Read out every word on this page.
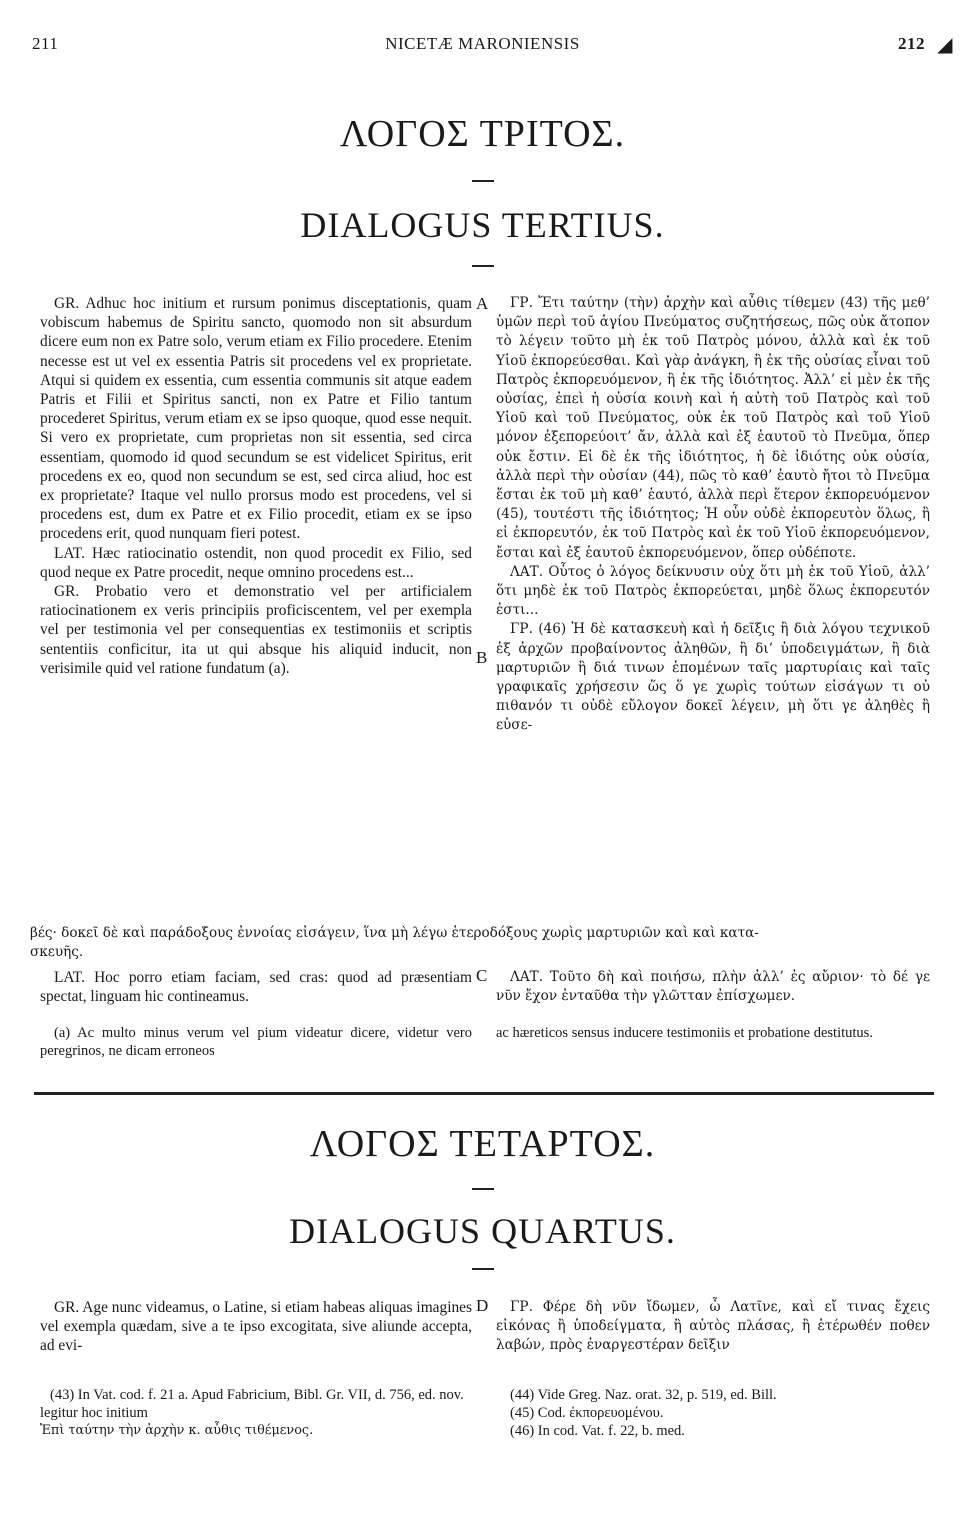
211	NICETÆ MARONIENSIS	212 ◢
ΛΟΓΟΣ ΤΡΙΤΟΣ.
DIALOGUS TERTIUS.

GR. Adhuc hoc initium et rursum ponimus disceptationis, quam vobiscum habemus de Spiritu sancto, quomodo non sit absurdum dicere eum non ex Patre solo, verum etiam ex Filio procedere. Etenim necesse est ut vel ex essentia Patris sit procedens vel ex proprietate. Atqui si quidem ex essentia, cum essentia communis sit atque eadem Patris et Filii et Spiritus sancti, non ex Patre et Filio tantum procederet Spiritus, verum etiam ex se ipso quoque, quod esse nequit. Si vero ex proprietate, cum proprietas non sit essentia, sed circa essentiam, quomodo id quod secundum se est videlicet Spiritus, erit procedens ex eo, quod non secundum se est, sed circa aliud, hoc est ex proprietate? Itaque vel nullo prorsus modo est procedens, vel si procedens est, dum ex Patre et ex Filio procedit, etiam ex se ipso procedens erit, quod nunquam fieri potest.

LAT. Hæc ratiocinatio ostendit, non quod procedit ex Filio, sed quod neque ex Patre procedit, neque omnino procedens est...

GR. Probatio vero et demonstratio vel per artificialem ratiocinationem ex veris principiis proficiscentem, vel per exempla vel per testimonia vel per consequentias ex testimoniis et scriptis sententiis conficitur, ita ut qui absque his aliquid inducit, non verisimile quid vel ratione fundatum (a).

ΓΡ. Ἔτι ταύτην (τὴν) ἀρχὴν καὶ αὖθις τίθεμεν (43) τῆς μεθ’ ὑμῶν περὶ τοῦ ἁγίου Πνεύματος συζητήσεως, πῶς οὐκ ἄτοπον τὸ λέγειν τοῦτο μὴ ἐκ τοῦ Πατρὸς μόνου, ἀλλὰ καὶ ἐκ τοῦ Υἱοῦ ἐκπορεύεσθαι. Καὶ γὰρ ἀνάγκη, ἢ ἐκ τῆς οὐσίας εἶναι τοῦ Πατρὸς ἐκπορευόμενον, ἢ ἐκ τῆς ἰδιότητος. Ἀλλ’ εἰ μὲν ἐκ τῆς οὐσίας, ἐπεὶ ἡ οὐσία κοινὴ καὶ ἡ αὐτὴ τοῦ Πατρὸς καὶ τοῦ Υἱοῦ καὶ τοῦ Πνεύματος, οὐκ ἐκ τοῦ Πατρὸς καὶ τοῦ Υἱοῦ μόνον ἐξεπορεύοιτ’ ἄν, ἀλλὰ καὶ ἐξ ἑαυτοῦ τὸ Πνεῦμα, ὅπερ οὐκ ἔστιν. Εἰ δὲ ἐκ τῆς ἰδιότητος, ἡ δὲ ἰδιότης οὐκ οὐσία, ἀλλὰ περὶ τὴν οὐσίαν (44), πῶς τὸ καθ’ ἑαυτὸ ἤτοι τὸ Πνεῦμα ἔσται ἐκ τοῦ μὴ καθ’ ἑαυτό, ἀλλὰ περὶ ἕτερον ἐκπορευόμενον (45), τουτέστι τῆς ἰδιότητος; Ἡ οὖν οὐδὲ ἐκπορευτὸν ὅλως, ἢ εἰ ἐκπορευτόν, ἐκ τοῦ Πατρὸς καὶ ἐκ τοῦ Υἱοῦ ἐκπορευόμενον, ἔσται καὶ ἐξ ἑαυτοῦ ἐκπορευόμενον, ὅπερ οὐδέποτε.

ΛΑΤ. Οὗτος ὁ λόγος δείκνυσιν οὐχ ὅτι μὴ ἐκ τοῦ Υἱοῦ, ἀλλ’ ὅτι μηδὲ ἐκ τοῦ Πατρὸς ἐκπορεύεται, μηδὲ ὅλως ἐκπορευτόν ἐστι...

ΓΡ. (46) Ἡ δὲ κατασκευὴ καὶ ἡ δεῖξις ἢ διὰ λόγου τεχνικοῦ ἐξ ἀρχῶν προβαίνοντος ἀληθῶν, ἢ δι’ ὑποδειγμάτων, ἢ διὰ μαρτυριῶν ἢ διά τινων ἑπομένων ταῖς μαρτυρίαις καὶ ταῖς γραφικαῖς χρήσεσιν ὥς ὅ γε χωρὶς τούτων εἰσάγων τι οὐ πιθανόν τι οὐδὲ εὔλογον δοκεῖ λέγειν, μὴ ὅτι γε ἀληθὲς ἢ εὐσε-

A
B
βές· δοκεῖ δὲ καὶ παράδοξους ἐννοίας εἰσάγειν, ἵνα μὴ λέγω ἑτεροδόξους χωρὶς μαρτυριῶν καὶ καὶ κατα-
σκευῆς.

LAT. Hoc porro etiam faciam, sed cras: quod ad præsentiam spectat, linguam hic contineamus.

ΛΑΤ. Τοῦτο δὴ καὶ ποιήσω, πλὴν ἀλλ’ ἐς αὔριον· τὸ δέ γε νῦν ἔχον ἐνταῦθα τὴν γλῶτταν ἐπίσχωμεν.

C

(a) Ac multo minus verum vel pium videatur dicere, videtur vero peregrinos, ne dicam erroneos

ac hæreticos sensus inducere testimoniis et probatione destitutus.

ΛΟΓΟΣ ΤΕΤΑΡΤΟΣ.
DIALOGUS QUARTUS.

GR. Age nunc videamus, o Latine, si etiam habeas aliquas imagines vel exempla quædam, sive a te ipso excogitata, sive aliunde accepta, ad evi-

ΓΡ. Φέρε δὴ νῦν ἴδωμεν, ὦ Λατῖνε, καὶ εἴ τινας ἔχεις εἰκόνας ἢ ὑποδείγματα, ἢ αὐτὸς πλάσας, ἢ ἑτέρωθέν ποθεν λαβών, πρὸς ἐναργεστέραν δεῖξιν

D

(43) In Vat. cod. f. 21 a. Apud Fabricium, Bibl. Gr. VII, d. 756, ed. nov. legitur hoc initium

Ἐπὶ ταύτην τὴν ἀρχὴν κ. αὖθις τιθέμενος.

(44) Vide Greg. Naz. orat. 32, p. 519, ed. Bill.

(45) Cod. ἐκπορευομένου.

(46) In cod. Vat. f. 22, b. med.
